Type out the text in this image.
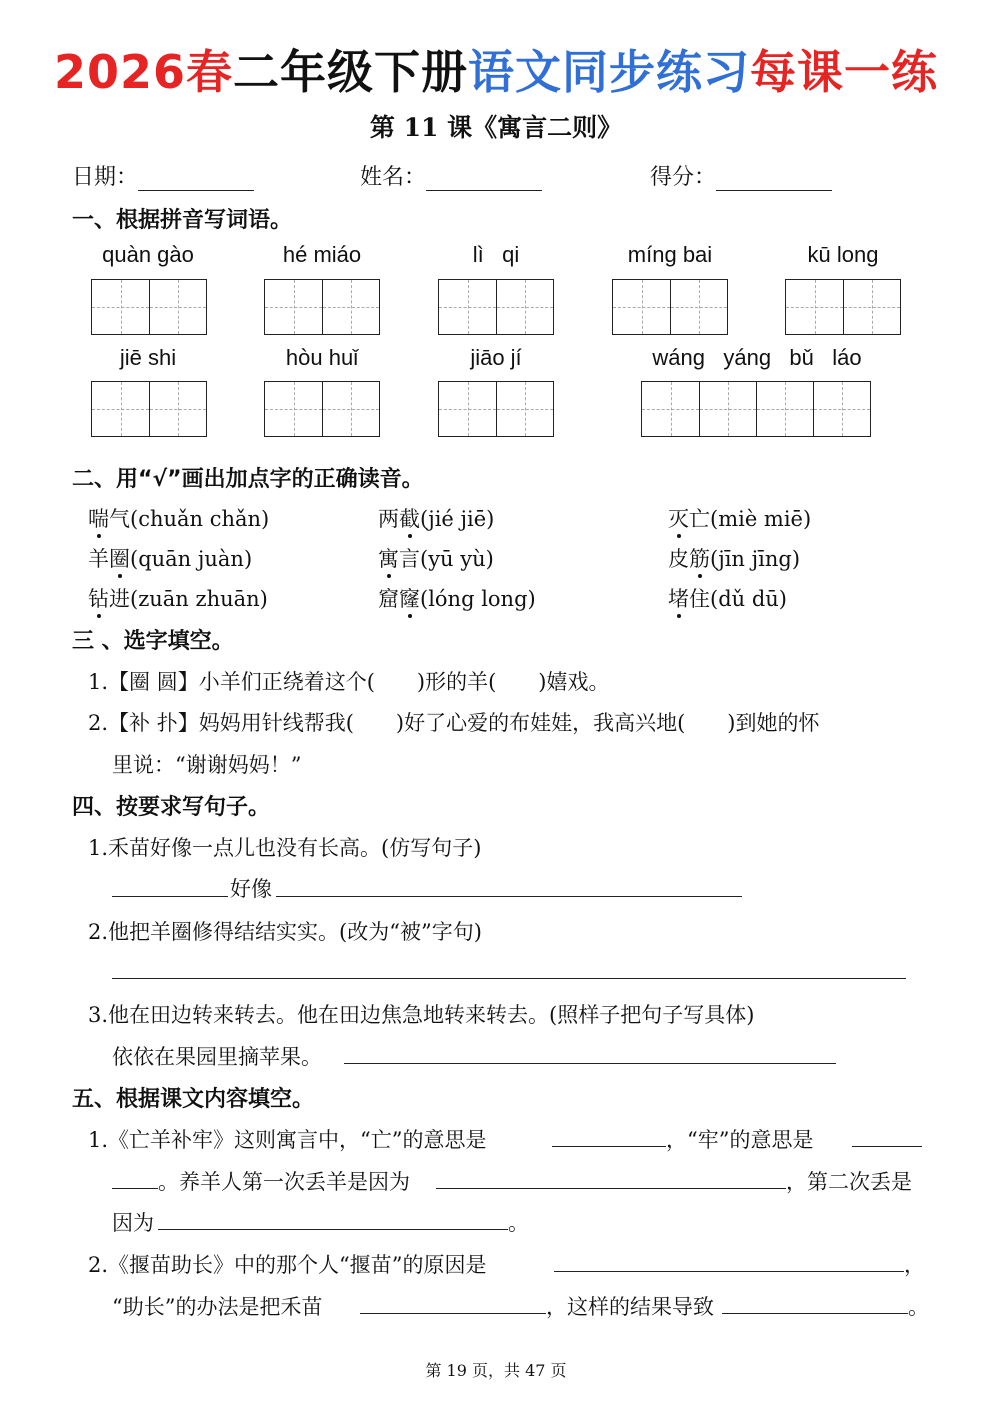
2026春二年级下册语文同步练习每课一练
第 11 课《寓言二则》
日期：	姓名：	得分：
一、根据拼音写词语。
quàn gào	hé miáo	lì   qi	míng bai	kū long
jiē shi	hòu huǐ	jiāo jí	wáng   yáng   bǔ   láo
二、用“√”画出加点字的正确读音。
喘气(chuǎn chǎn)	两截(jié jiē)	灭亡(miè miē)
羊圈(quān juàn)	寓言(yū yù)	皮筋(jīn jīng)
钻进(zuān zhuān)	窟窿(lóng long)	堵住(dǔ dū)
三 、选字填空。
1.【圈 圆】小羊们正绕着这个(　　)形的羊(　　)嬉戏。
2.【补 扑】妈妈用针线帮我(　　)好了心爱的布娃娃，我高兴地(　　)到她的怀
里说：“谢谢妈妈！”
四、按要求写句子。
1.禾苗好像一点儿也没有长高。(仿写句子)
好像
2.他把羊圈修得结结实实。(改为“被”字句)
3.他在田边转来转去。他在田边焦急地转来转去。(照样子把句子写具体)
依依在果园里摘苹果。
五、根据课文内容填空。
1.《亡羊补牢》这则寓言中，“亡”的意思是	，“牢”的意思是
。养羊人第一次丢羊是因为	，第二次丢是
因为	。
2.《揠苗助长》中的那个人“揠苗”的原因是	，
“助长”的办法是把禾苗	，这样的结果导致	。
第 19 页，共 47 页
